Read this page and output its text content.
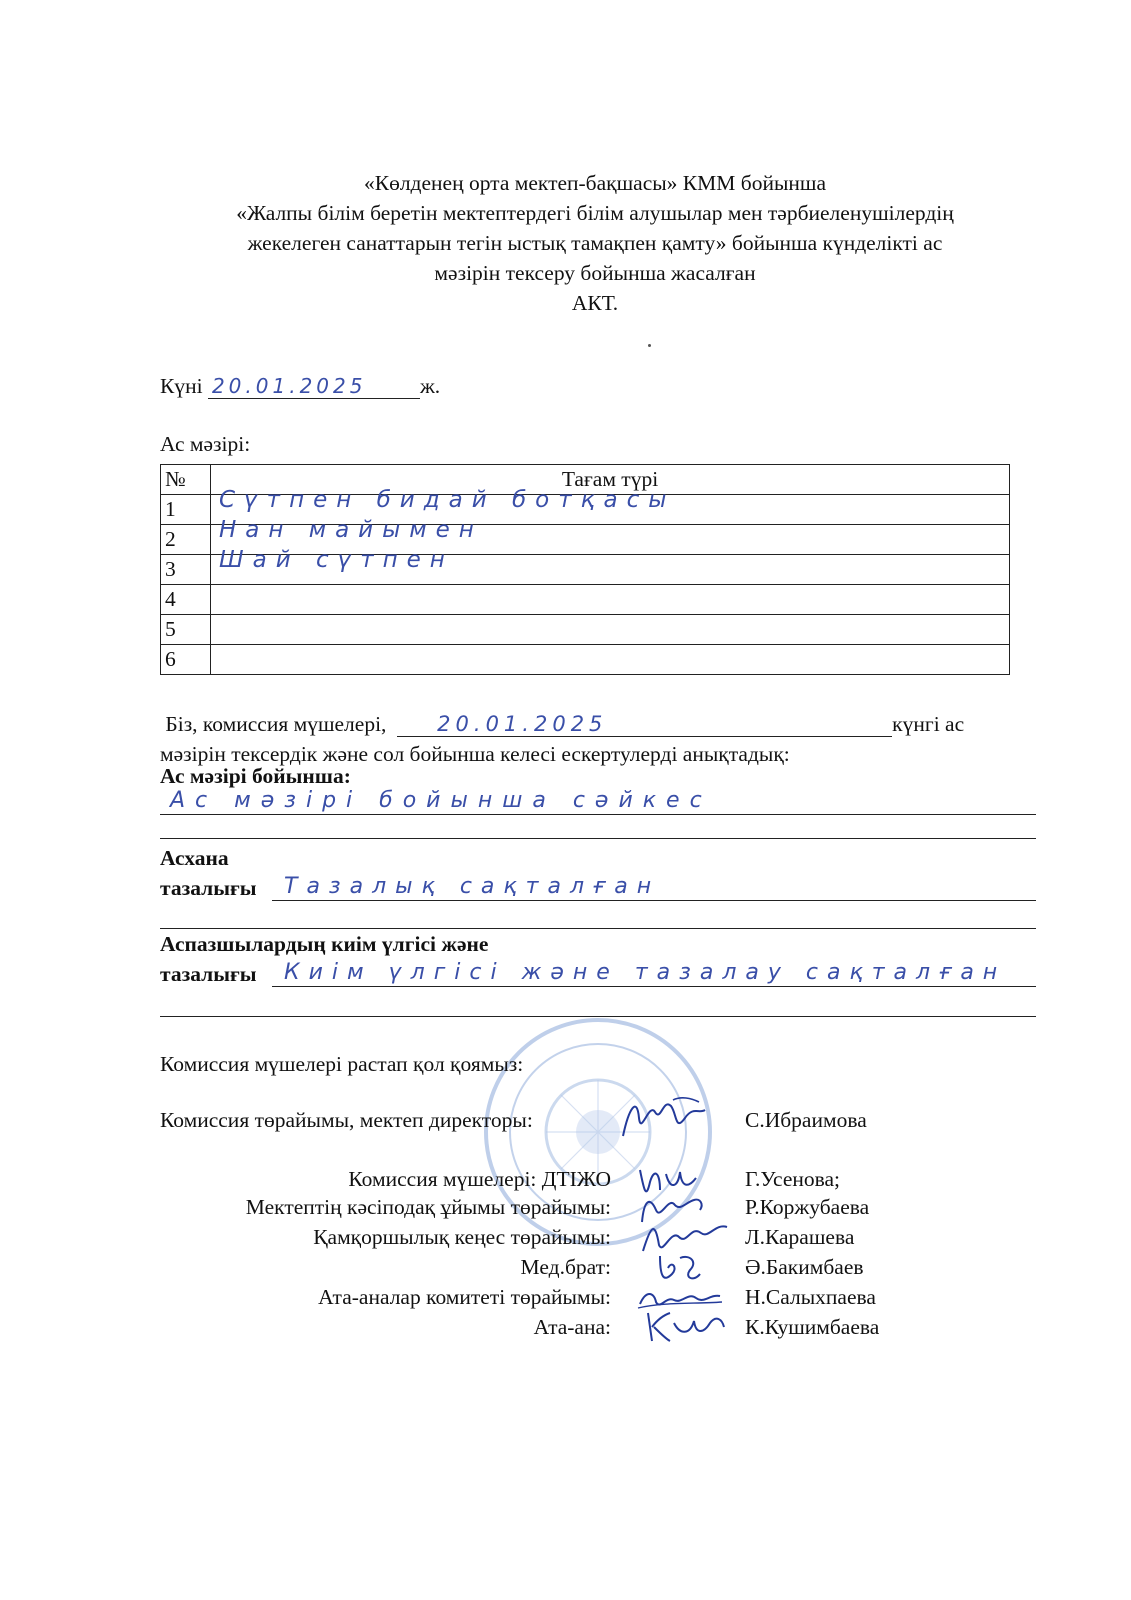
«Көлденең орта мектеп-бақшасы» КММ бойынша
«Жалпы білім беретін мектептердегі білім алушылар мен тәрбиеленушілердің
жекелеген санаттарын тегін ыстық тамақпен қамту» бойынша күнделікті ас
мәзірін тексеру бойынша жасалған
АКТ.
Күні 20.01.2025 ж.
Ас мәзірі:
№	Тағам түрі
1	Сүтпен бидай ботқасы

2	Нан майымен

3	Шай сүтпен

4	
5	
6	
Біз, комиссия мүшелері, 20.01.2025	күнгі ас
мәзірін тексердік және сол бойынша келесі ескертулерді анықтадық:
Ас мәзірі бойынша:
Ас мәзірі бойынша сәйкес
Асхана
тазалығы Тазалық сақталған
Аспазшылардың киім үлгісі және
тазалығы Киім үлгісі және тазалау сақталған
Комиссия мүшелері растап қол қоямыз:
Комиссия төрайымы, мектеп директоры:	С.Ибраимова
Комиссия мүшелері: ДТІЖО	Г.Усенова;
Мектептің кәсіподақ ұйымы төрайымы:	Р.Коржубаева
Қамқоршылық кеңес төрайымы:	Л.Карашева
Мед.брат:	Ә.Бакимбаев
Ата-аналар комитеті төрайымы:	Н.Салыхпаева
Ата-ана:	К.Кушимбаева
